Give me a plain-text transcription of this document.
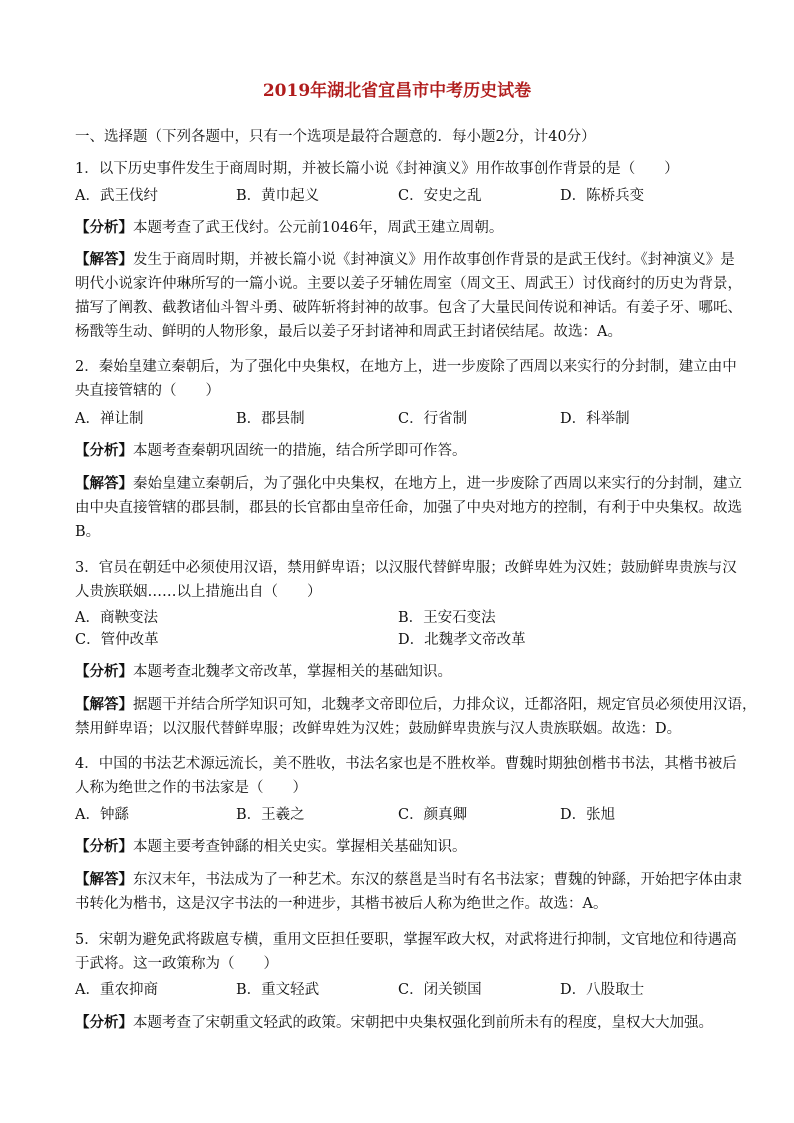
2019年湖北省宜昌市中考历史试卷
一、选择题（下列各题中，只有一个选项是最符合题意的．每小题2分，计40分）
1．以下历史事件发生于商周时期，并被长篇小说《封神演义》用作故事创作背景的是（　　）
A．武王伐纣	B．黄巾起义	C．安史之乱	D．陈桥兵变
【分析】本题考查了武王伐纣。公元前1046年，周武王建立周朝。
【解答】发生于商周时期，并被长篇小说《封神演义》用作故事创作背景的是武王伐纣。《封神演义》是
明代小说家许仲琳所写的一篇小说。主要以姜子牙辅佐周室（周文王、周武王）讨伐商纣的历史为背景，
描写了阐教、截教诸仙斗智斗勇、破阵斩将封神的故事。包含了大量民间传说和神话。有姜子牙、哪吒、
杨戬等生动、鲜明的人物形象，最后以姜子牙封诸神和周武王封诸侯结尾。故选：A。
2．秦始皇建立秦朝后，为了强化中央集权，在地方上，进一步废除了西周以来实行的分封制，建立由中
央直接管辖的（　　）
A．禅让制	B．郡县制	C．行省制	D．科举制
【分析】本题考查秦朝巩固统一的措施，结合所学即可作答。
【解答】秦始皇建立秦朝后，为了强化中央集权，在地方上，进一步废除了西周以来实行的分封制，建立
由中央直接管辖的郡县制，郡县的长官都由皇帝任命，加强了中央对地方的控制，有利于中央集权。故选
B。
3．官员在朝廷中必须使用汉语，禁用鲜卑语；以汉服代替鲜卑服；改鲜卑姓为汉姓；鼓励鲜卑贵族与汉
人贵族联姻……以上措施出自（　　）
A．商鞅变法	B．王安石变法
C．管仲改革	D．北魏孝文帝改革
【分析】本题考查北魏孝文帝改革，掌握相关的基础知识。
【解答】据题干并结合所学知识可知，北魏孝文帝即位后，力排众议，迁都洛阳，规定官员必须使用汉语，
禁用鲜卑语；以汉服代替鲜卑服；改鲜卑姓为汉姓；鼓励鲜卑贵族与汉人贵族联姻。故选：D。
4．中国的书法艺术源远流长，美不胜收，书法名家也是不胜枚举。曹魏时期独创楷书书法，其楷书被后
人称为绝世之作的书法家是（　　）
A．钟繇	B．王羲之	C．颜真卿	D．张旭
【分析】本题主要考查钟繇的相关史实。掌握相关基础知识。
【解答】东汉末年，书法成为了一种艺术。东汉的蔡邕是当时有名书法家；曹魏的钟繇，开始把字体由隶
书转化为楷书，这是汉字书法的一种进步，其楷书被后人称为绝世之作。故选：A。
5．宋朝为避免武将跋扈专横，重用文臣担任要职，掌握军政大权，对武将进行抑制，文官地位和待遇高
于武将。这一政策称为（　　）
A．重农抑商	B．重文轻武	C．闭关锁国	D．八股取士
【分析】本题考查了宋朝重文轻武的政策。宋朝把中央集权强化到前所未有的程度，皇权大大加强。
